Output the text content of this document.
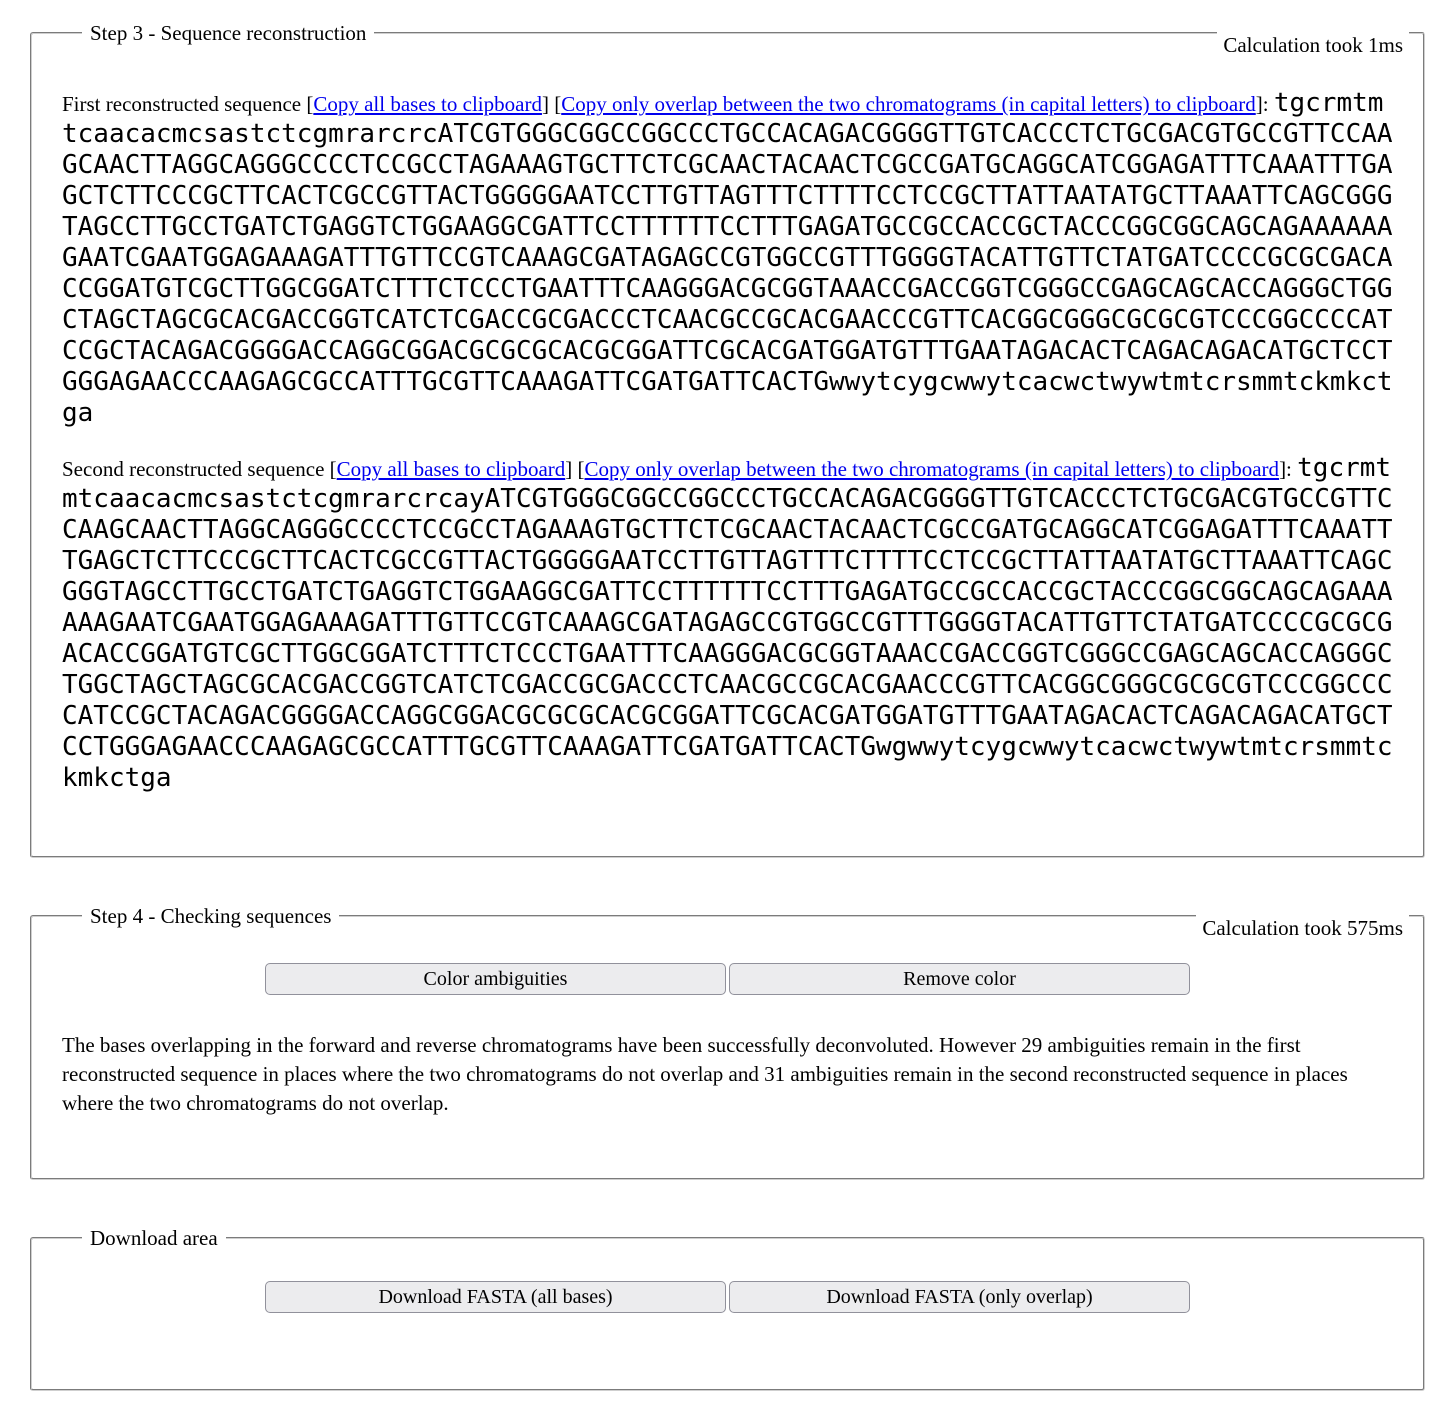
Step 3 - Sequence reconstruction	Calculation took 1ms

First reconstructed sequence [Copy all bases to clipboard] [Copy only overlap between the two chromatograms (in capital letters) to clipboard]: tgcrmtmtcaacacmcsastctcgmrarcrcATCGTGGGCGGCCGGCCCTGCCACAGACGGGGTTGTCACCCTCTGCGACGTGCCGTTCCAAGCAACTTAGGCAGGGCCCCTCCGCCTAGAAAGTGCTTCTCGCAACTACAACTCGCCGATGCAGGCATCGGAGATTTCAAATTTGAGCTCTTCCCGCTTCACTCGCCGTTACTGGGGGAATCCTTGTTAGTTTCTTTTCCTCCGCTTATTAATATGCTTAAATTCAGCGGGTAGCCTTGCCTGATCTGAGGTCTGGAAGGCGATTCCTTTTTTCCTTTGAGATGCCGCCACCGCTACCCGGCGGCAGCAGAAAAAAGAATCGAATGGAGAAAGATTTGTTCCGTCAAAGCGATAGAGCCGTGGCCGTTTGGGGTACATTGTTCTATGATCCCCGCGCGACACCGGATGTCGCTTGGCGGATCTTTCTCCCTGAATTTCAAGGGACGCGGTAAACCGACCGGTCGGGCCGAGCAGCACCAGGGCTGGCTAGCTAGCGCACGACCGGTCATCTCGACCGCGACCCTCAACGCCGCACGAACCCGTTCACGGCGGGCGCGCGTCCCGGCCCCATCCGCTACAGACGGGGACCAGGCGGACGCGCGCACGCGGATTCGCACGATGGATGTTTGAATAGACACTCAGACAGACATGCTCCTGGGAGAACCCAAGAGCGCCATTTGCGTTCAAAGATTCGATGATTCACTGwwytcygcwwytcacwctwywtmtcrsmmtckmkctga

Second reconstructed sequence [Copy all bases to clipboard] [Copy only overlap between the two chromatograms (in capital letters) to clipboard]: tgcrmtmtcaacacmcsastctcgmrarcrcayATCGTGGGCGGCCGGCCCTGCCACAGACGGGGTTGTCACCCTCTGCGACGTGCCGTTCCAAGCAACTTAGGCAGGGCCCCTCCGCCTAGAAAGTGCTTCTCGCAACTACAACTCGCCGATGCAGGCATCGGAGATTTCAAATTTGAGCTCTTCCCGCTTCACTCGCCGTTACTGGGGGAATCCTTGTTAGTTTCTTTTCCTCCGCTTATTAATATGCTTAAATTCAGCGGGTAGCCTTGCCTGATCTGAGGTCTGGAAGGCGATTCCTTTTTTCCTTTGAGATGCCGCCACCGCTACCCGGCGGCAGCAGAAAAAAGAATCGAATGGAGAAAGATTTGTTCCGTCAAAGCGATAGAGCCGTGGCCGTTTGGGGTACATTGTTCTATGATCCCCGCGCGACACCGGATGTCGCTTGGCGGATCTTTCTCCCTGAATTTCAAGGGACGCGGTAAACCGACCGGTCGGGCCGAGCAGCACCAGGGCTGGCTAGCTAGCGCACGACCGGTCATCTCGACCGCGACCCTCAACGCCGCACGAACCCGTTCACGGCGGGCGCGCGTCCCGGCCCCATCCGCTACAGACGGGGACCAGGCGGACGCGCGCACGCGGATTCGCACGATGGATGTTTGAATAGACACTCAGACAGACATGCTCCTGGGAGAACCCAAGAGCGCCATTTGCGTTCAAAGATTCGATGATTCACTGwgwwytcygcwwytcacwctwywtmtcrsmmtckmkctga

Step 4 - Checking sequences	Calculation took 575ms
Color ambiguities	Remove color

The bases overlapping in the forward and reverse chromatograms have been successfully deconvoluted. However 29 ambiguities remain in the first reconstructed sequence in places where the two chromatograms do not overlap and 31 ambiguities remain in the second reconstructed sequence in places where the two chromatograms do not overlap.

Download area
Download FASTA (all bases)	Download FASTA (only overlap)
